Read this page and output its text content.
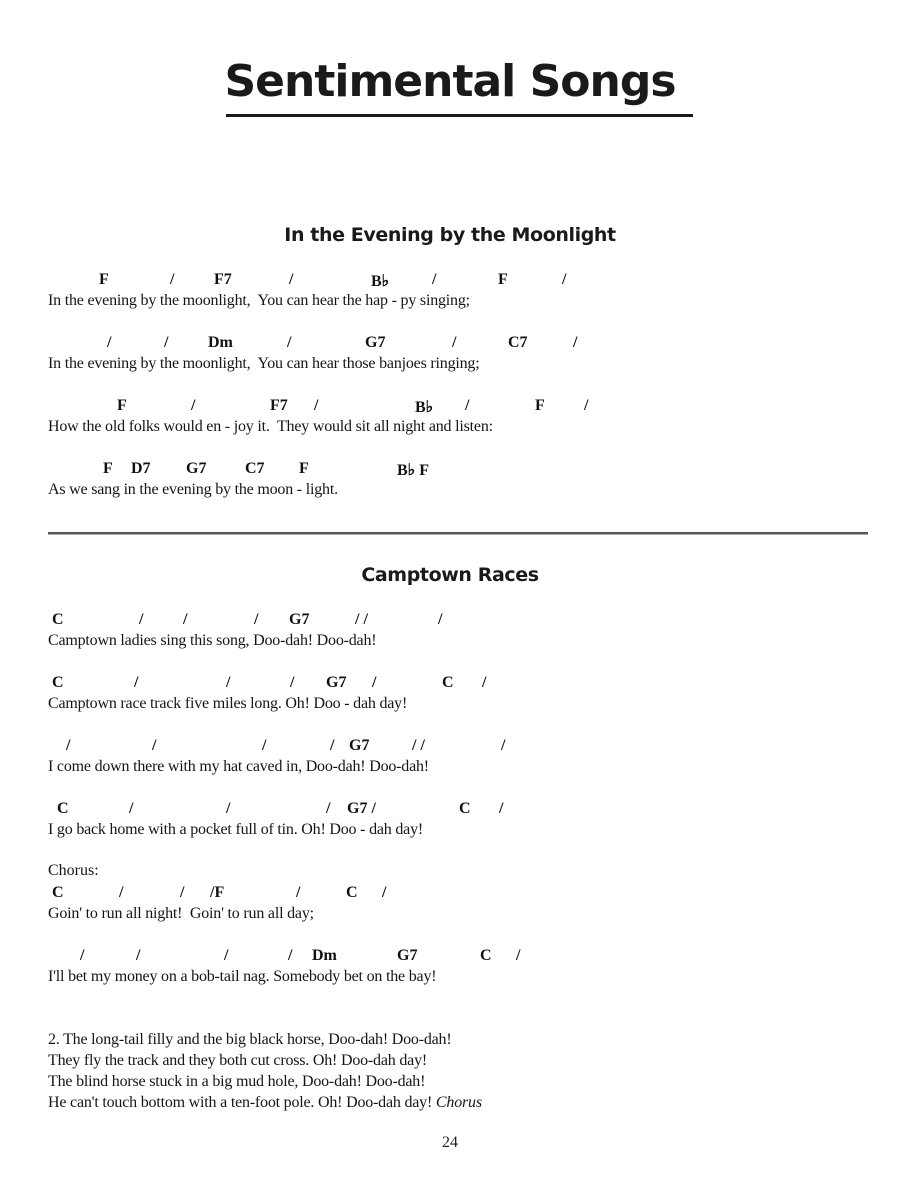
Sentimental Songs
In the Evening by the Moonlight

F

	/

F7

	/

	B♭

	/

	F

	/

In the evening by the moonlight,  You can hear the hap - py singing;

/

	/

Dm

	/

	G7

	/

	C7

	/

In the evening by the moonlight,  You can hear those banjoes ringing;

F

	/

	F7

/

	B♭

/

	F

/

How the old folks would en - joy it.  They would sit all night and listen:

F

D7

G7

C7

F

	B♭ F

As we sang in the evening by the moon - light.

Camptown Races

C

	/

/

	/

G7

	/ /

	/

Camptown ladies sing this song, Doo-dah! Doo-dah!

C

	/

	/

	/

G7

/

	C

/

Camptown race track five miles long. Oh! Doo - dah day!

/

	/

	/

	/

G7

	/ /

	/

I come down there with my hat caved in, Doo-dah! Doo-dah!

C

	/

	/

	/

G7 /

	C

/

I go back home with a pocket full of tin. Oh! Doo - dah day!

Chorus:

C

	/

	/

/F

	/

	C

/

Goin' to run all night!  Goin' to run all day;

/

	/

	/

	/

Dm

	G7

	C

/

I'll bet my money on a bob-tail nag. Somebody bet on the bay!

2. The long-tail filly and the big black horse, Doo-dah! Doo-dah!

They fly the track and they both cut cross. Oh! Doo-dah day!

The blind horse stuck in a big mud hole, Doo-dah! Doo-dah!

He can't touch bottom with a ten-foot pole. Oh! Doo-dah day! Chorus

24
